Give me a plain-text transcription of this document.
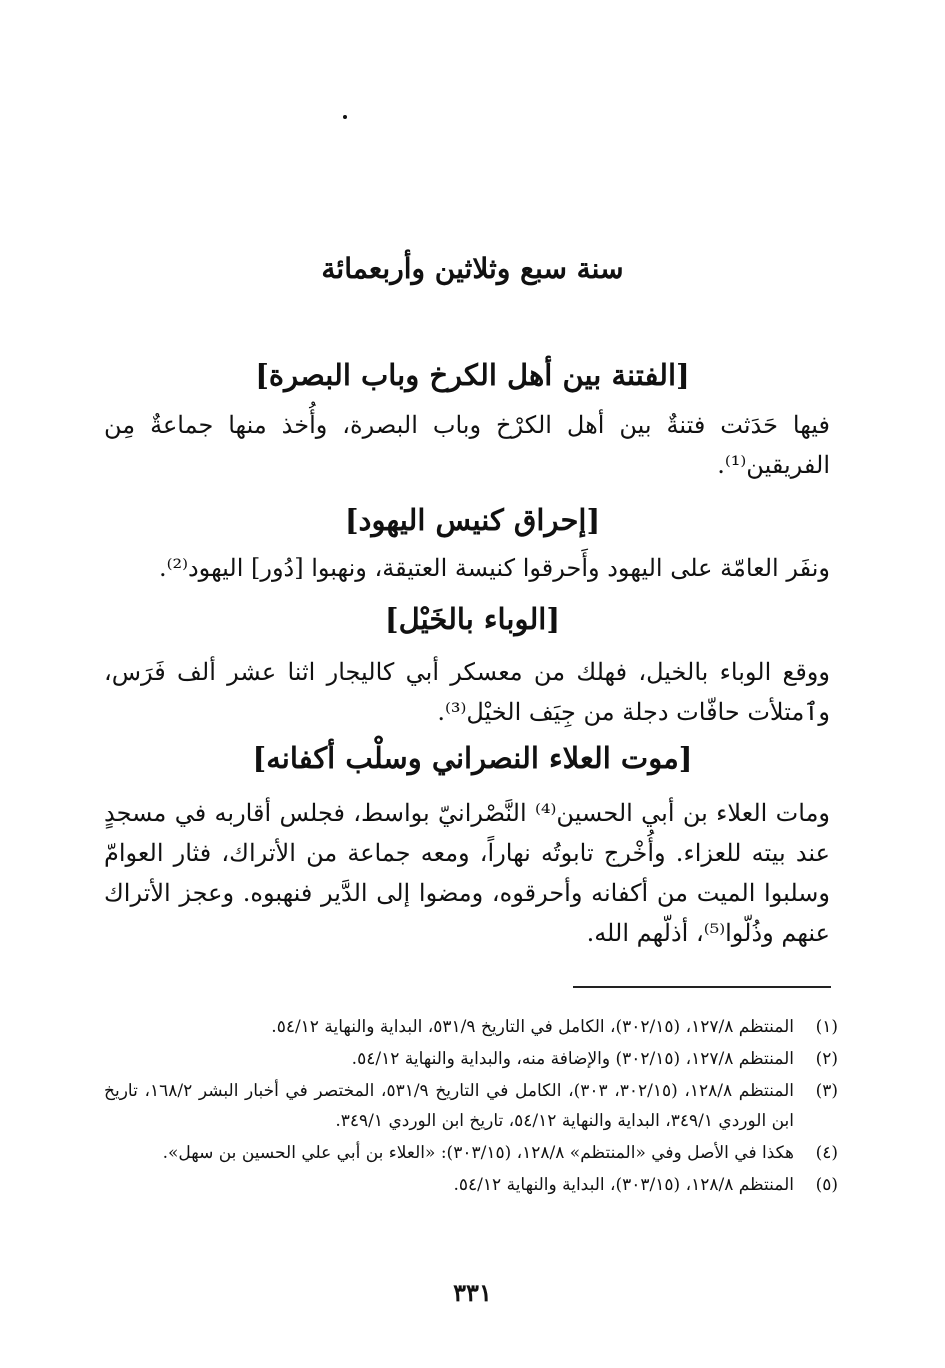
سنة سبع وثلاثين وأربعمائة
[الفتنة بين أهل الكرخ وباب البصرة]
فيها حَدَثت فتنةٌ بين أهل الكرْخ وباب البصرة، وأُخذ منها جماعةٌ مِن الفريقين⁽¹⁾.
[إحراق كنيس اليهود]
ونفَر العامّة على اليهود وأَحرقوا كنيسة العتيقة، ونهبوا [دُور] اليهود⁽²⁾.
[الوباء بالخَيْل]
ووقع الوباء بالخيل، فهلك من معسكر أبي كاليجار اثنا عشر ألف فَرَس، وٱمتلأت حافّات دجلة من جِيَف الخيْل⁽³⁾.
[موت العلاء النصراني وسلْب أكفانه]
ومات العلاء بن أبي الحسين⁽⁴⁾ النَّصْرانيّ بواسط، فجلس أقاربه في مسجدٍ عند بيته للعزاء. وأُخْرج تابوتُه نهاراً، ومعه جماعة من الأتراك، فثار العوامّ وسلبوا الميت من أكفانه وأحرقوه، ومضوا إلى الدَّير فنهبوه. وعجز الأتراك عنهم وذُلّوا⁽⁵⁾، أذلّهم الله.
(١)
المنتظم ١٢٧/٨، (٣٠٢/١٥)، الكامل في التاريخ ٥٣١/٩، البداية والنهاية ٥٤/١٢.
(٢)
المنتظم ١٢٧/٨، (٣٠٢/١٥) والإضافة منه، والبداية والنهاية ٥٤/١٢.
(٣)
المنتظم ١٢٨/٨، (٣٠٢/١٥، ٣٠٣)، الكامل في التاريخ ٥٣١/٩، المختصر في أخبار البشر ١٦٨/٢، تاريخ ابن الوردي ٣٤٩/١، البداية والنهاية ٥٤/١٢، تاريخ ابن الوردي ٣٤٩/١.
(٤)
هكذا في الأصل وفي «المنتظم» ١٢٨/٨، (٣٠٣/١٥): «العلاء بن أبي علي الحسين بن سهل».
(٥)
المنتظم ١٢٨/٨، (٣٠٣/١٥)، البداية والنهاية ٥٤/١٢.
٣٣١
